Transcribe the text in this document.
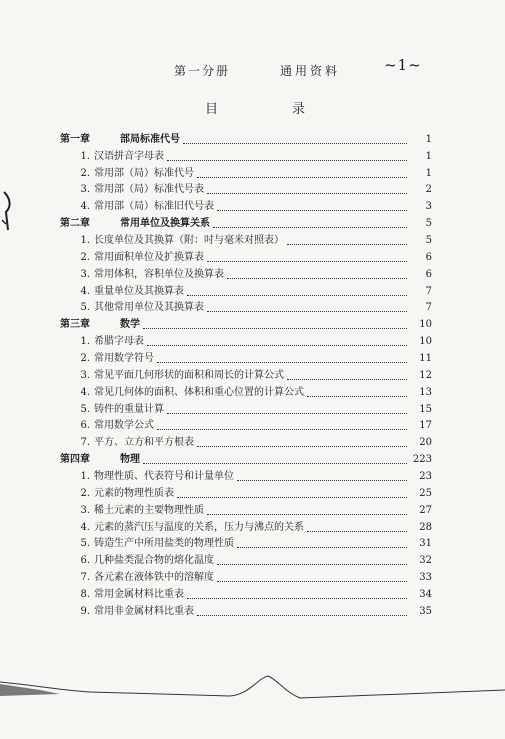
第一分册	通用资料	~1~
目	录
第一章	部局标准代号	1
1. 汉语拼音字母表	1
2. 常用部（局）标准代号	1
3. 常用部（局）标准代号表	2
4. 常用部（局）标准旧代号表	3
第二章	常用单位及换算关系	5
1. 长度单位及其换算（附：吋与毫米对照表）	5
2. 常用面积单位及扩换算表	6
3. 常用体积，容积单位及换算表	6
4. 重量单位及其换算表	7
5. 其他常用单位及其换算表	7
第三章	数学	10
1. 希腊字母表	10
2. 常用数学符号	11
3. 常见平面几何形状的面积和周长的计算公式	12
4. 常见几何体的面积、体积和重心位置的计算公式	13
5. 铸件的重量计算	15
6. 常用数学公式	17
7. 平方、立方和平方根表	20
第四章	物理	223
1. 物理性质、代表符号和计量单位	23
2. 元素的物理性质表	25
3. 稀土元素的主要物理性质	27
4. 元素的蒸汽压与温度的关系，压力与沸点的关系	28
5. 铸造生产中所用盐类的物理性质	31
6. 几种盐类混合物的熔化温度	32
7. 各元素在液体铁中的溶解度	33
8. 常用金属材料比重表	34
9. 常用非金属材料比重表	35
